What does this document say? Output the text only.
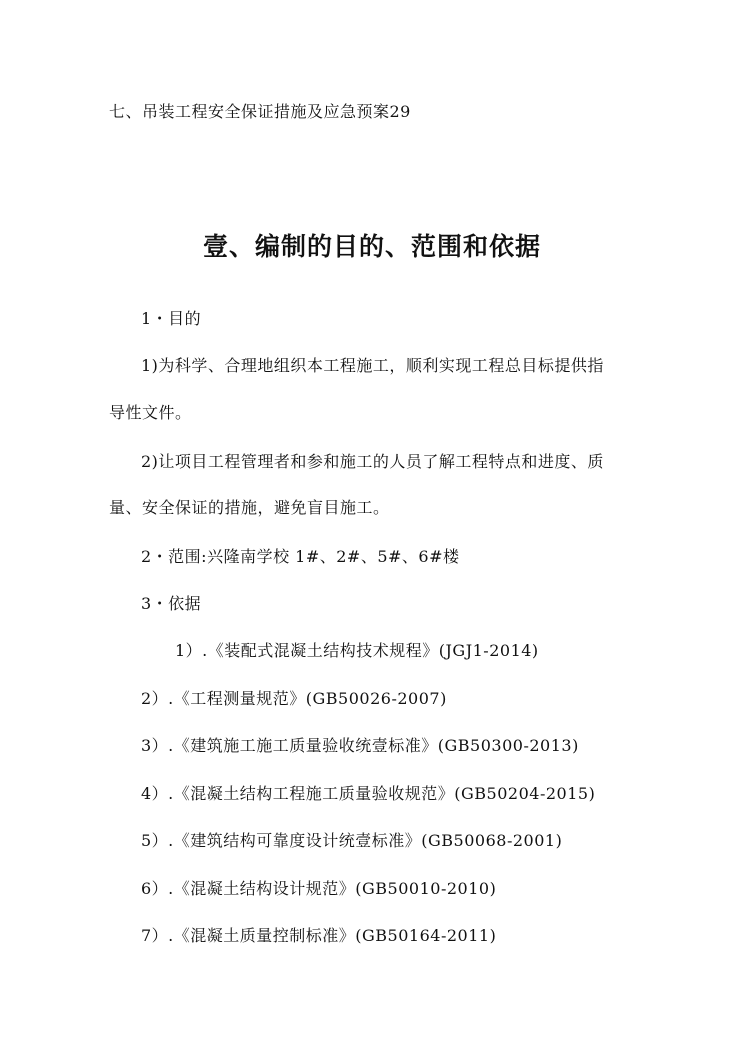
七、吊装工程安全保证措施及应急预案29
壹、编制的目的、范围和依据
1・目的
1)为科学、合理地组织本工程施工，顺利实现工程总目标提供指
导性文件。
2)让项目工程管理者和参和施工的人员了解工程特点和进度、质
量、安全保证的措施，避免盲目施工。
2・范围:兴隆南学校 1#、2#、5#、6#楼
3・依据
1）.《装配式混凝土结构技术规程》(JGJ1-2014)
2）.《工程测量规范》(GB50026-2007)
3）.《建筑施工施工质量验收统壹标准》(GB50300-2013)
4）.《混凝土结构工程施工质量验收规范》(GB50204-2015)
5）.《建筑结构可靠度设计统壹标准》(GB50068-2001)
6）.《混凝土结构设计规范》(GB50010-2010)
7）.《混凝土质量控制标准》(GB50164-2011)
